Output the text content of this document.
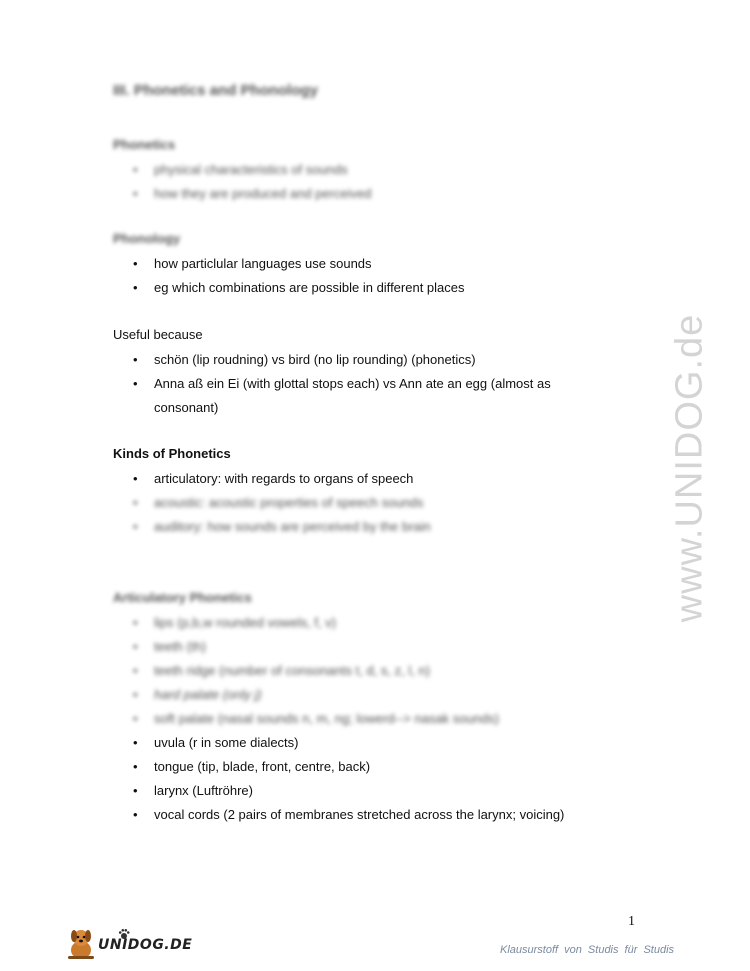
III. Phonetics and Phonology

Phonetics

• physical characteristics of sounds
• how they are produced and perceived

Phonology

• how particlular languages use sounds
• eg which combinations are possible in different places

Useful because

• schön (lip roudning) vs bird (no lip rounding) (phonetics)
• Anna aß ein Ei (with glottal stops each) vs Ann ate an egg (almost as consonant)

Kinds of Phonetics

• articulatory: with regards to organs of speech
• acoustic: acoustic properties of speech sounds
• auditory: how sounds are perceived by the brain

Articulatory Phonetics

• lips (p,b,w rounded vowels, f, v)
• teeth (th)
• teeth ridge (number of consonants t, d, s, z, l, n)
• hard palate (only j)
• soft palate (nasal sounds n, m, ng; lowerd--> nasak sounds)
• uvula (r in some dialects)
• tongue (tip, blade, front, centre, back)
• larynx (Luftröhre)
• vocal cords (2 pairs of membranes stretched across the larynx; voicing)
www.UNIDOG.de
1
UNIDOG.DE	Klausurstoff von Studis für Studis
